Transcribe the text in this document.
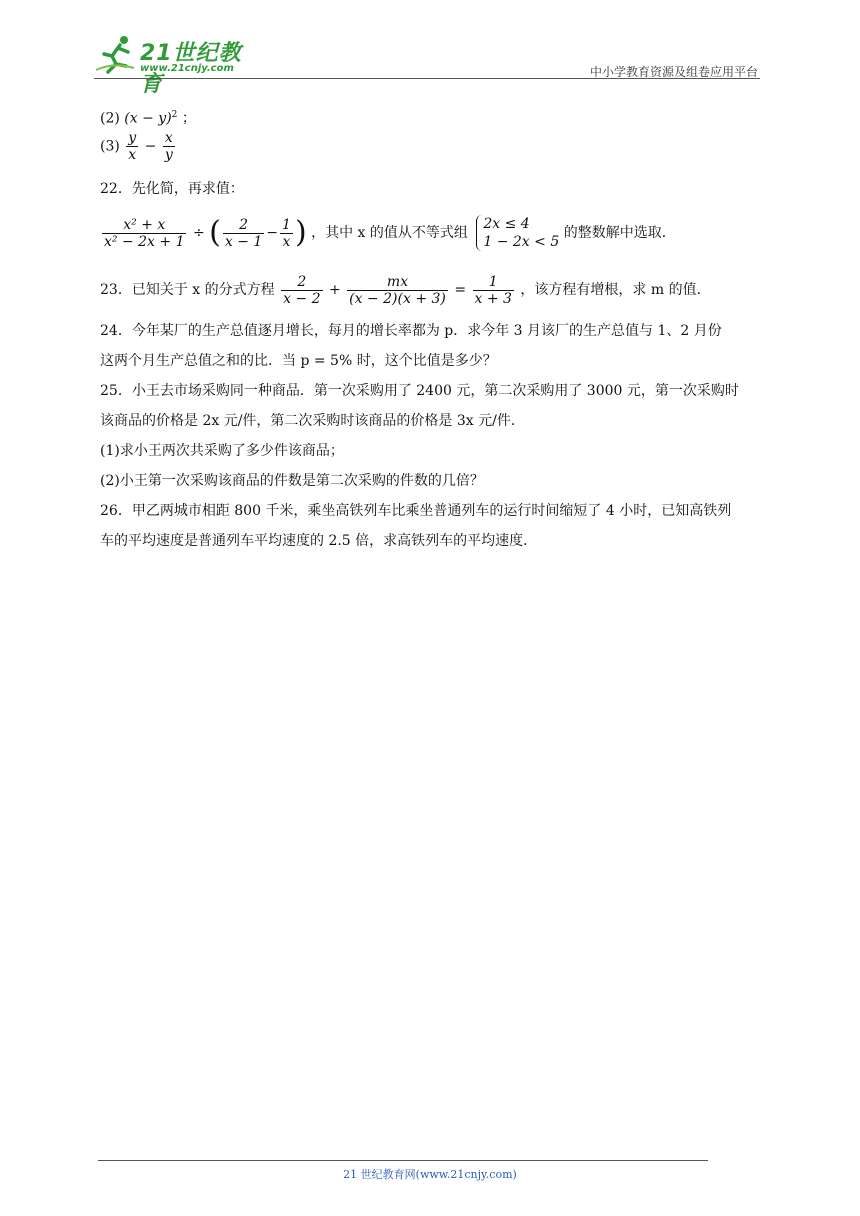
21世纪教育
www.21cnjy.com	中小学教育资源及组卷应用平台
(2) $(x - y)^2$ ；
$(3) \frac{y}{x} - \frac{x}{y}$
22．先化简，再求值：
$\frac{\text{x² + x}}{\text{x² − 2x + 1}}$ ÷ ( $\frac{2}{x - 1} - \frac{1}{x}$ ) ，其中 x 的值从不等式组
2x ≤ 4
1 − 2x < 5
的整数解中选取．
23．已知关于 x 的分式方程 $\frac{2}{x - 2} + \frac{mx}{(x - 2)(x + 3)} = \frac{1}{x + 3}$ ，该方程有增根，求 m 的值．
24．今年某厂的生产总值逐月增长，每月的增长率都为 p．求今年 3 月该厂的生产总值与 1、2 月份
这两个月生产总值之和的比．当 p = 5% 时，这个比值是多少？
25．小王去市场采购同一种商品．第一次采购用了 2400 元，第二次采购用了 3000 元，第一次采购时
该商品的价格是 2x 元/件，第二次采购时该商品的价格是 3x 元/件．
(1)求小王两次共采购了多少件该商品；
(2)小王第一次采购该商品的件数是第二次采购的件数的几倍？
26．甲乙两城市相距 800 千米，乘坐高铁列车比乘坐普通列车的运行时间缩短了 4 小时，已知高铁列
车的平均速度是普通列车平均速度的 2.5 倍，求高铁列车的平均速度．
21 世纪教育网(www.21cnjy.com)
